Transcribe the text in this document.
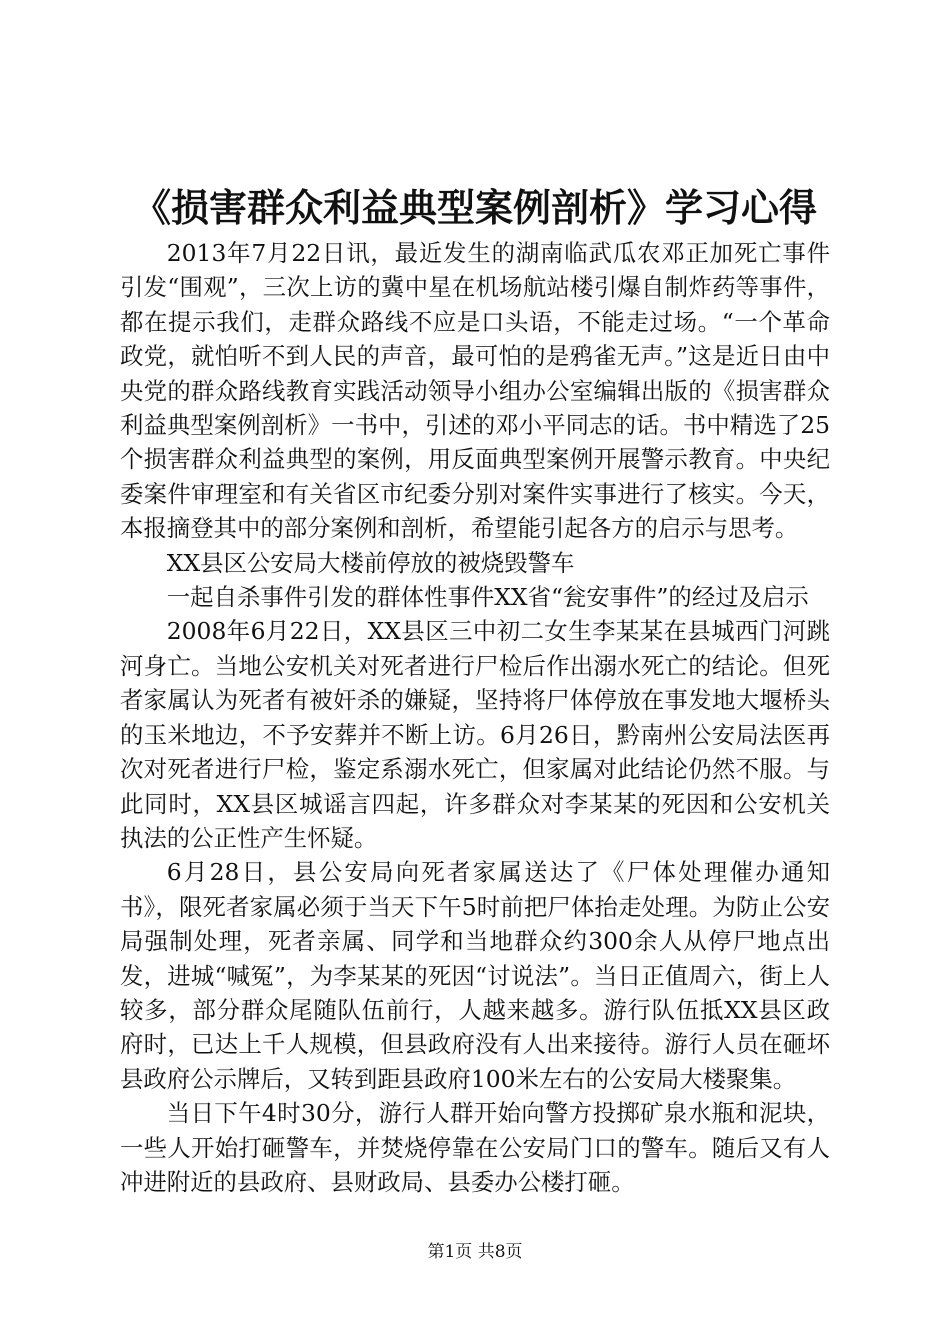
《损害群众利益典型案例剖析》学习心得

2013年7月22日讯，最近发生的湖南临武瓜农邓正加死亡事件引发“围观”，三次上访的冀中星在机场航站楼引爆自制炸药等事件，都在提示我们，走群众路线不应是口头语，不能走过场。“一个革命政党，就怕听不到人民的声音，最可怕的是鸦雀无声。”这是近日由中央党的群众路线教育实践活动领导小组办公室编辑出版的《损害群众利益典型案例剖析》一书中，引述的邓小平同志的话。书中精选了25个损害群众利益典型的案例，用反面典型案例开展警示教育。中央纪委案件审理室和有关省区市纪委分别对案件实事进行了核实。今天，本报摘登其中的部分案例和剖析，希望能引起各方的启示与思考。

XX县区公安局大楼前停放的被烧毁警车

一起自杀事件引发的群体性事件XX省“瓮安事件”的经过及启示

2008年6月22日，XX县区三中初二女生李某某在县城西门河跳河身亡。当地公安机关对死者进行尸检后作出溺水死亡的结论。但死者家属认为死者有被奸杀的嫌疑，坚持将尸体停放在事发地大堰桥头的玉米地边，不予安葬并不断上访。6月26日，黔南州公安局法医再次对死者进行尸检，鉴定系溺水死亡，但家属对此结论仍然不服。与此同时，XX县区城谣言四起，许多群众对李某某的死因和公安机关执法的公正性产生怀疑。

6月28日，县公安局向死者家属送达了《尸体处理催办通知书》，限死者家属必须于当天下午5时前把尸体抬走处理。为防止公安局强制处理，死者亲属、同学和当地群众约300余人从停尸地点出发，进城“喊冤”，为李某某的死因“讨说法”。当日正值周六，街上人较多，部分群众尾随队伍前行，人越来越多。游行队伍抵XX县区政府时，已达上千人规模，但县政府没有人出来接待。游行人员在砸坏县政府公示牌后，又转到距县政府100米左右的公安局大楼聚集。

当日下午4时30分，游行人群开始向警方投掷矿泉水瓶和泥块，一些人开始打砸警车，并焚烧停靠在公安局门口的警车。随后又有人冲进附近的县政府、县财政局、县委办公楼打砸。

第1页 共8页
